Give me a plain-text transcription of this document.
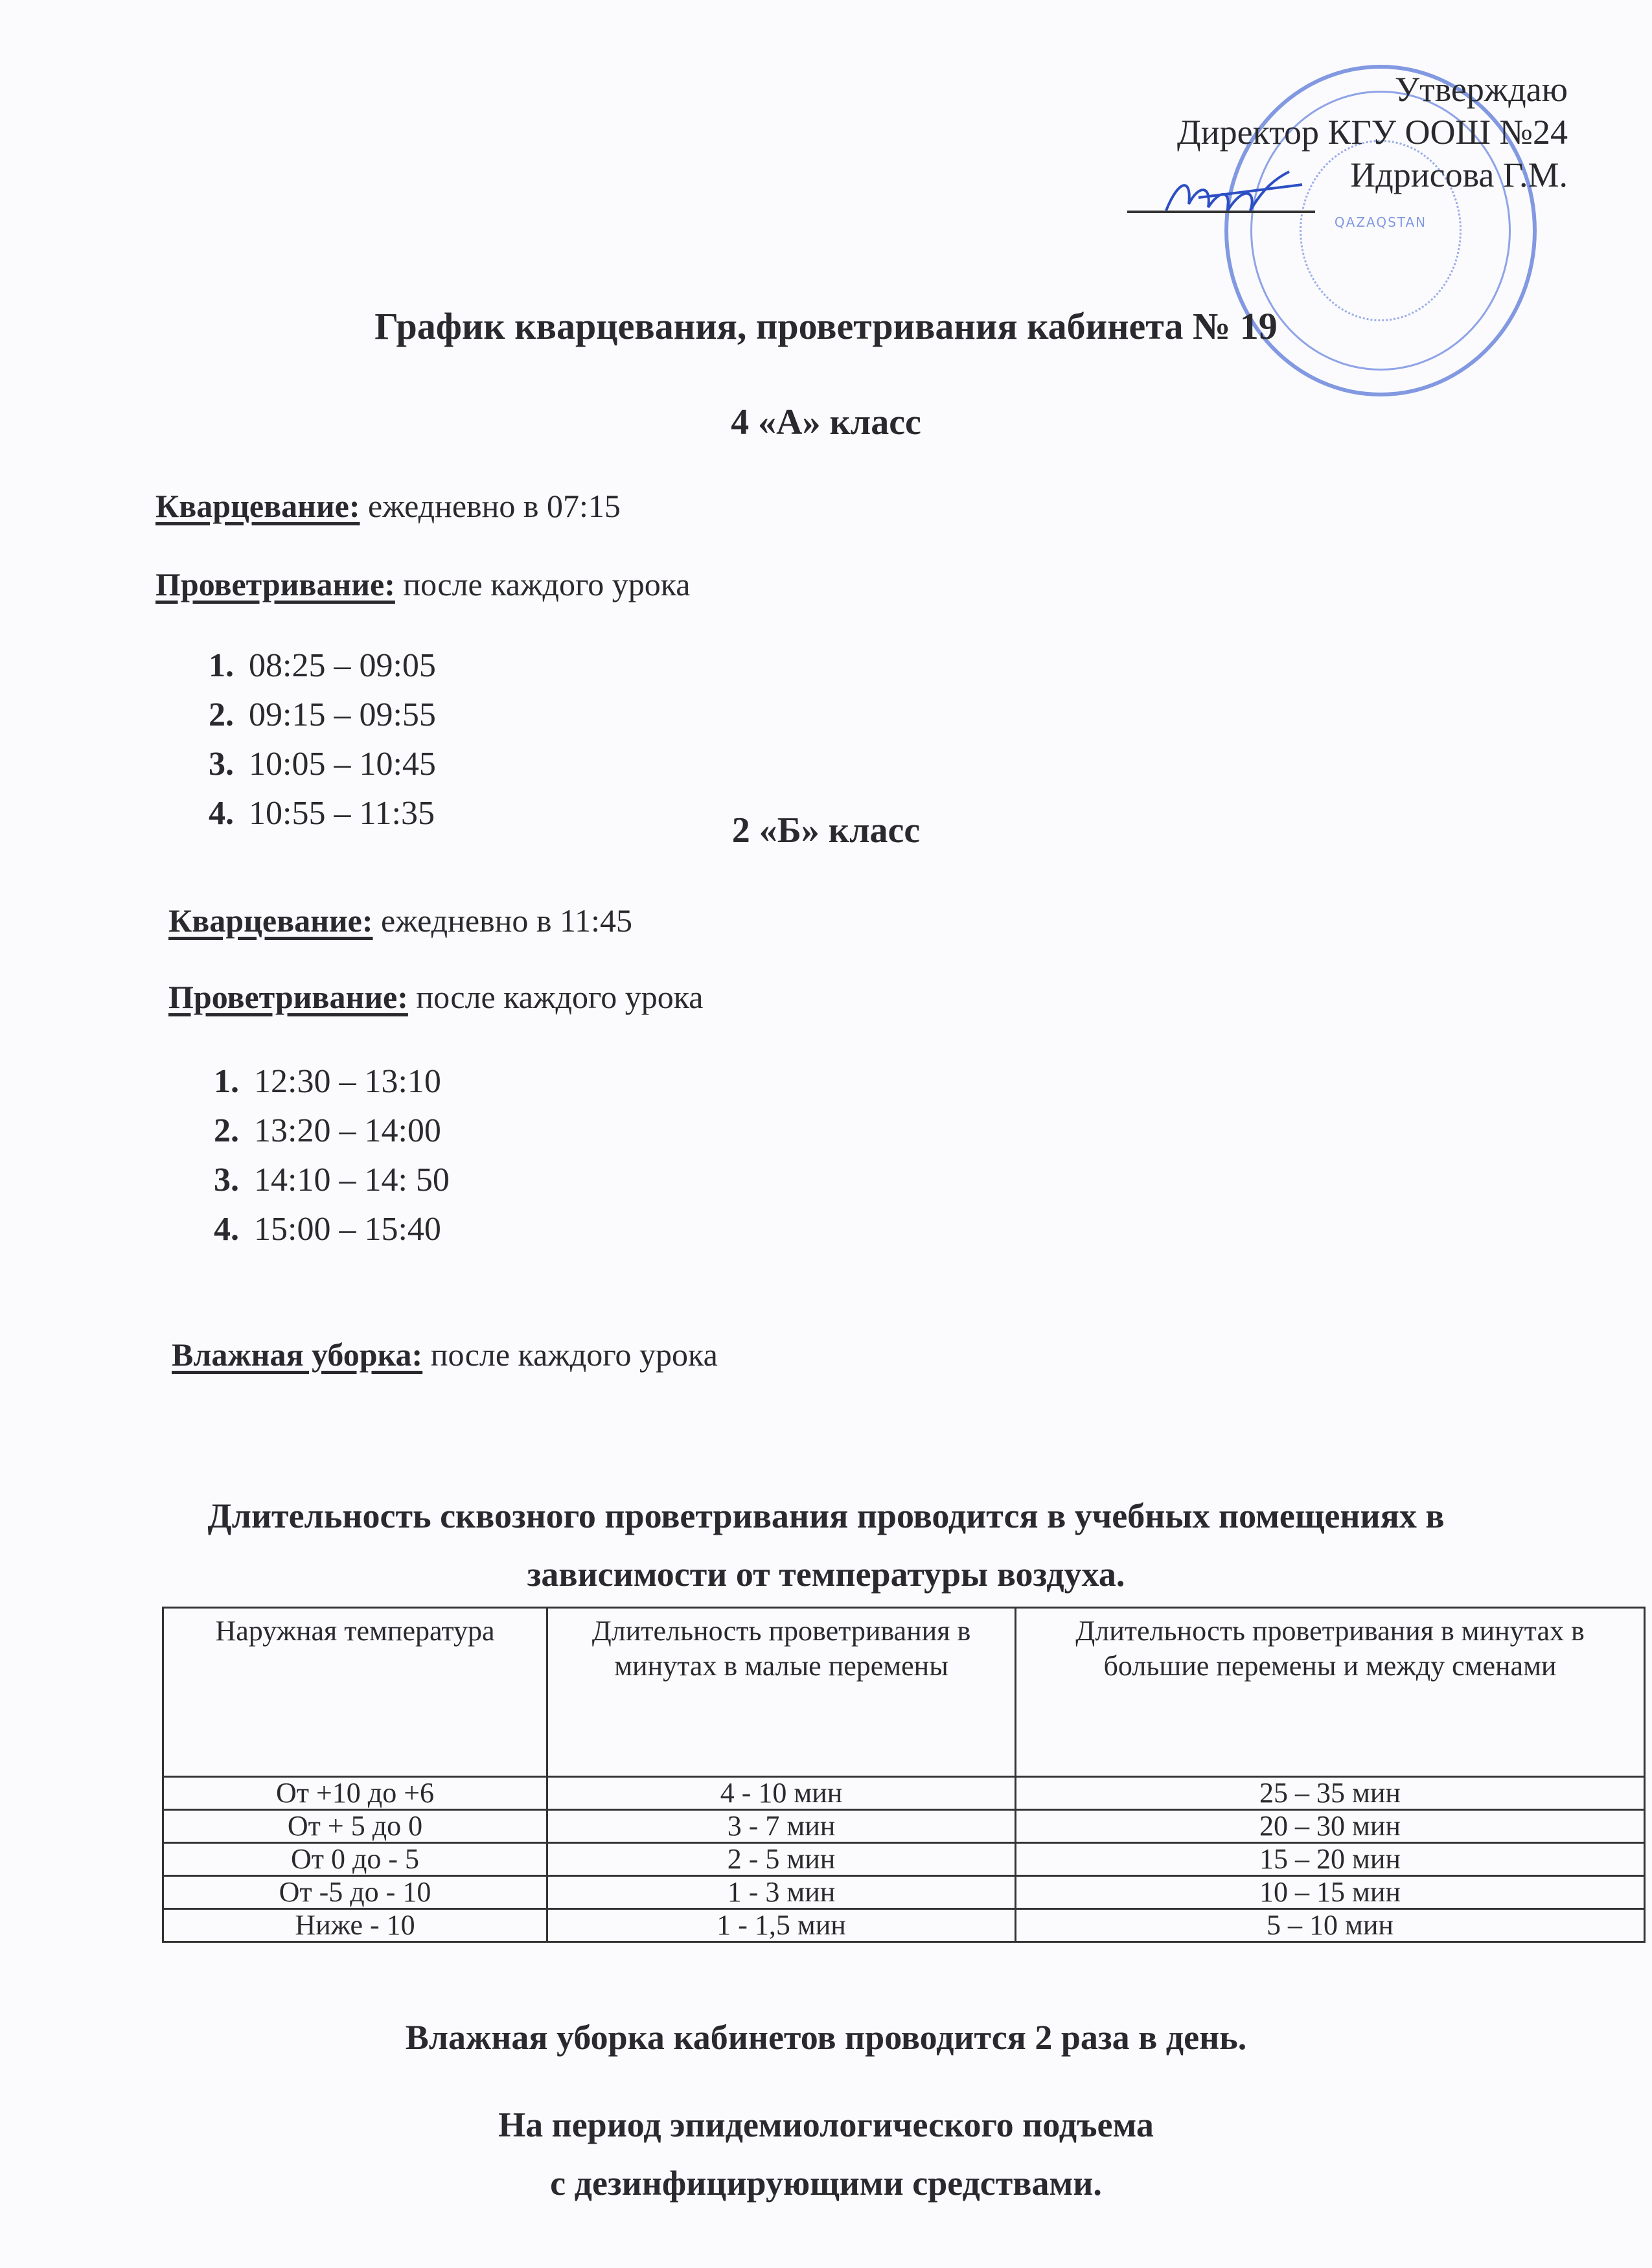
QAZAQSTAN
Утверждаю
Директор КГУ ООШ №24
Идрисова Г.М.
График кварцевания, проветривания кабинета № 19
4 «А» класс
Кварцевание: ежедневно в 07:15
Проветривание: после каждого урока
1. 08:25 – 09:05
2. 09:15 – 09:55
3. 10:05 – 10:45
4. 10:55 – 11:35	2 «Б» класс
Кварцевание: ежедневно в 11:45
Проветривание: после каждого урока
1. 12:30 – 13:10
2. 13:20 – 14:00
3. 14:10 – 14: 50
4. 15:00 – 15:40
Влажная уборка: после каждого урока
Длительность сквозного проветривания проводится в учебных помещениях в
зависимости от температуры воздуха.
Наружная температура	Длительность проветривания в минутах в малые перемены	Длительность проветривания в минутах в большие перемены и между сменами
От +10 до +6	4 - 10 мин	25 – 35 мин
От + 5 до 0	3 - 7 мин	20 – 30 мин
От 0 до - 5	2 - 5 мин	15 – 20 мин
От -5 до - 10	1 - 3 мин	10 – 15 мин
Ниже - 10	1 - 1,5 мин	5 – 10 мин
Влажная уборка кабинетов проводится 2 раза в день.
На период эпидемиологического подъема
с дезинфицирующими средствами.
